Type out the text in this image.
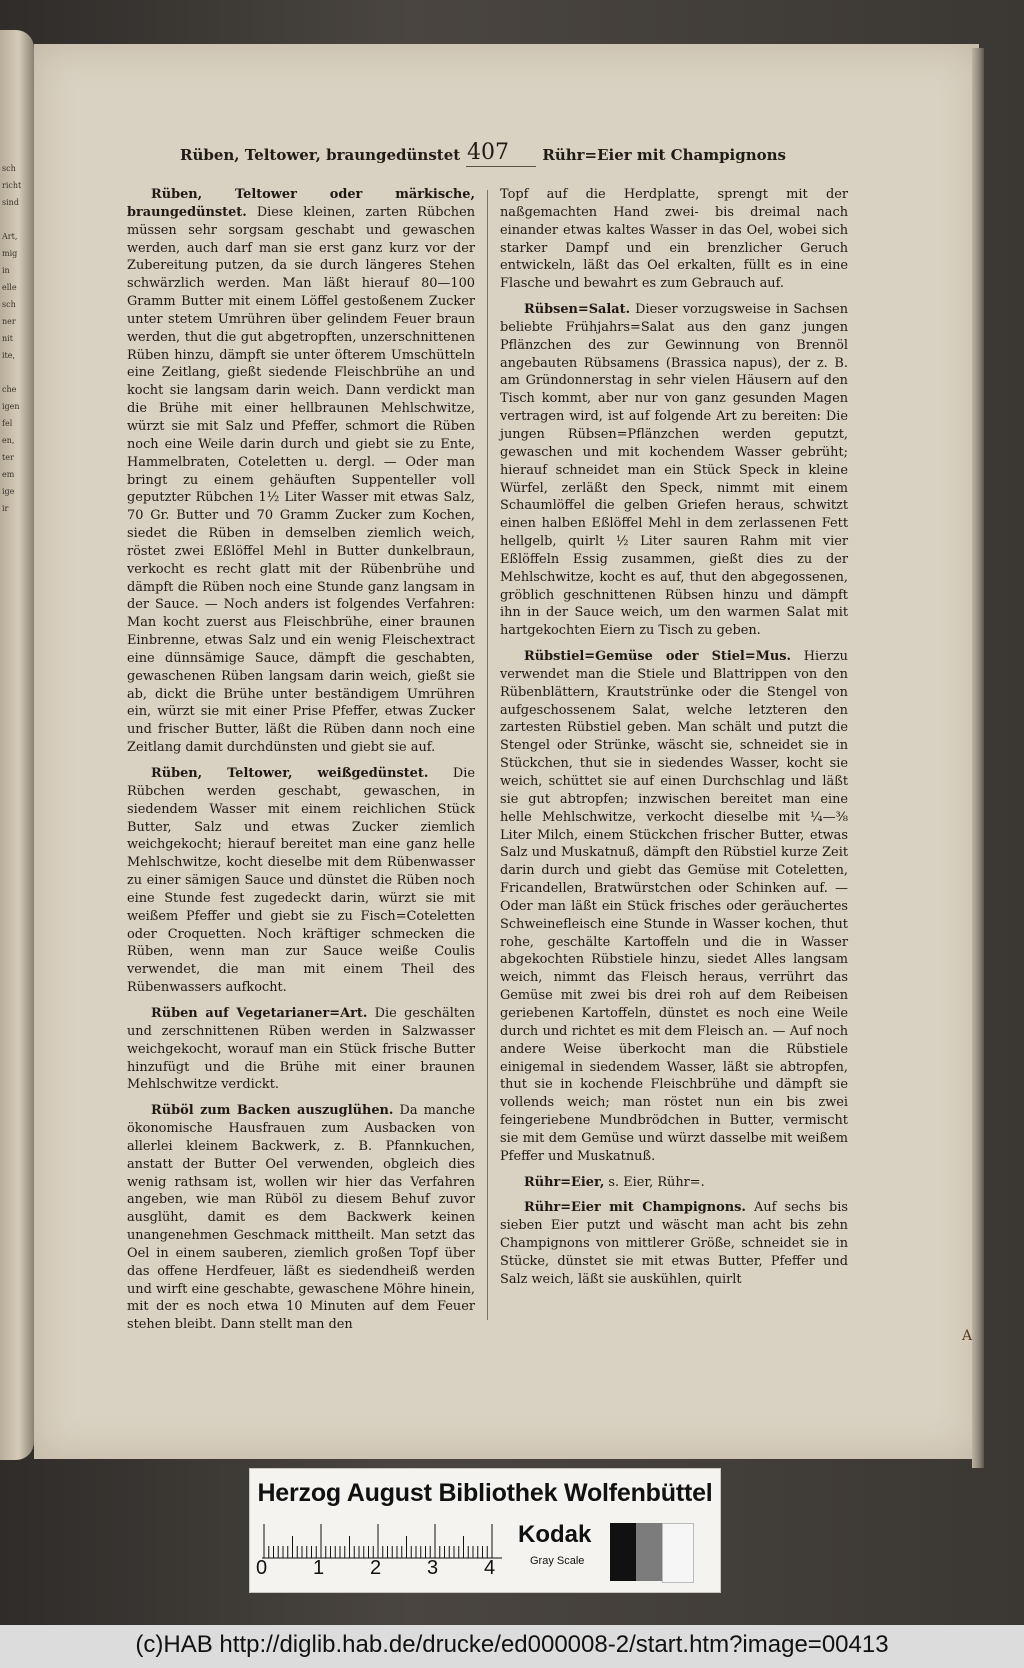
sch
richt
sind

Art,
mig
in
elle
sch
ner
nit
ite,

che
igen
fel
en,
ter
em
ige
ir
Rüben, Teltower, braungedünstet 407 Rühr=Eier mit Champignons

Rüben, Teltower oder märkische, braungedünstet. Diese kleinen, zarten Rübchen müssen sehr sorgsam geschabt und gewaschen werden, auch darf man sie erst ganz kurz vor der Zubereitung putzen, da sie durch längeres Stehen schwärzlich werden. Man läßt hierauf 80—100 Gramm Butter mit einem Löffel gestoßenem Zucker unter stetem Umrühren über gelindem Feuer braun werden, thut die gut abgetropften, unzerschnittenen Rüben hinzu, dämpft sie unter öfterem Umschütteln eine Zeitlang, gießt siedende Fleischbrühe an und kocht sie langsam darin weich. Dann verdickt man die Brühe mit einer hellbraunen Mehlschwitze, würzt sie mit Salz und Pfeffer, schmort die Rüben noch eine Weile darin durch und giebt sie zu Ente, Hammelbraten, Coteletten u. dergl. — Oder man bringt zu einem gehäuften Suppenteller voll geputzter Rübchen 1½ Liter Wasser mit etwas Salz, 70 Gr. Butter und 70 Gramm Zucker zum Kochen, siedet die Rüben in demselben ziemlich weich, röstet zwei Eßlöffel Mehl in Butter dunkelbraun, verkocht es recht glatt mit der Rübenbrühe und dämpft die Rüben noch eine Stunde ganz langsam in der Sauce. — Noch anders ist folgendes Verfahren: Man kocht zuerst aus Fleischbrühe, einer braunen Einbrenne, etwas Salz und ein wenig Fleischextract eine dünnsämige Sauce, dämpft die geschabten, gewaschenen Rüben langsam darin weich, gießt sie ab, dickt die Brühe unter beständigem Umrühren ein, würzt sie mit einer Prise Pfeffer, etwas Zucker und frischer Butter, läßt die Rüben dann noch eine Zeitlang damit durchdünsten und giebt sie auf.

Rüben, Teltower, weißgedünstet. Die Rübchen werden geschabt, gewaschen, in siedendem Wasser mit einem reichlichen Stück Butter, Salz und etwas Zucker ziemlich weichgekocht; hierauf bereitet man eine ganz helle Mehlschwitze, kocht dieselbe mit dem Rübenwasser zu einer sämigen Sauce und dünstet die Rüben noch eine Stunde fest zugedeckt darin, würzt sie mit weißem Pfeffer und giebt sie zu Fisch=Coteletten oder Croquetten. Noch kräftiger schmecken die Rüben, wenn man zur Sauce weiße Coulis verwendet, die man mit einem Theil des Rübenwassers aufkocht.

Rüben auf Vegetarianer=Art. Die geschälten und zerschnittenen Rüben werden in Salzwasser weichgekocht, worauf man ein Stück frische Butter hinzufügt und die Brühe mit einer braunen Mehlschwitze verdickt.

Rüböl zum Backen auszuglühen. Da manche ökonomische Hausfrauen zum Ausbacken von allerlei kleinem Backwerk, z. B. Pfannkuchen, anstatt der Butter Oel verwenden, obgleich dies wenig rathsam ist, wollen wir hier das Verfahren angeben, wie man Rüböl zu diesem Behuf zuvor ausglüht, damit es dem Backwerk keinen unangenehmen Geschmack mittheilt. Man setzt das Oel in einem sauberen, ziemlich großen Topf über das offene Herdfeuer, läßt es siedendheiß werden und wirft eine geschabte, gewaschene Möhre hinein, mit der es noch etwa 10 Minuten auf dem Feuer stehen bleibt. Dann stellt man den

Topf auf die Herdplatte, sprengt mit der naßgemachten Hand zwei- bis dreimal nach einander etwas kaltes Wasser in das Oel, wobei sich starker Dampf und ein brenzlicher Geruch entwickeln, läßt das Oel erkalten, füllt es in eine Flasche und bewahrt es zum Gebrauch auf.

Rübsen=Salat. Dieser vorzugsweise in Sachsen beliebte Frühjahrs=Salat aus den ganz jungen Pflänzchen des zur Gewinnung von Brennöl angebauten Rübsamens (Brassica napus), der z. B. am Gründonnerstag in sehr vielen Häusern auf den Tisch kommt, aber nur von ganz gesunden Magen vertragen wird, ist auf folgende Art zu bereiten: Die jungen Rübsen=Pflänzchen werden geputzt, gewaschen und mit kochendem Wasser gebrüht; hierauf schneidet man ein Stück Speck in kleine Würfel, zerläßt den Speck, nimmt mit einem Schaumlöffel die gelben Griefen heraus, schwitzt einen halben Eßlöffel Mehl in dem zerlassenen Fett hellgelb, quirlt ½ Liter sauren Rahm mit vier Eßlöffeln Essig zusammen, gießt dies zu der Mehlschwitze, kocht es auf, thut den abgegossenen, gröblich geschnittenen Rübsen hinzu und dämpft ihn in der Sauce weich, um den warmen Salat mit hartgekochten Eiern zu Tisch zu geben.

Rübstiel=Gemüse oder Stiel=Mus. Hierzu verwendet man die Stiele und Blattrippen von den Rübenblättern, Krautstrünke oder die Stengel von aufgeschossenem Salat, welche letzteren den zartesten Rübstiel geben. Man schält und putzt die Stengel oder Strünke, wäscht sie, schneidet sie in Stückchen, thut sie in siedendes Wasser, kocht sie weich, schüttet sie auf einen Durchschlag und läßt sie gut abtropfen; inzwischen bereitet man eine helle Mehlschwitze, verkocht dieselbe mit ¼—⅜ Liter Milch, einem Stückchen frischer Butter, etwas Salz und Muskatnuß, dämpft den Rübstiel kurze Zeit darin durch und giebt das Gemüse mit Coteletten, Fricandellen, Bratwürstchen oder Schinken auf. — Oder man läßt ein Stück frisches oder geräuchertes Schweinefleisch eine Stunde in Wasser kochen, thut rohe, geschälte Kartoffeln und die in Wasser abgekochten Rübstiele hinzu, siedet Alles langsam weich, nimmt das Fleisch heraus, verrührt das Gemüse mit zwei bis drei roh auf dem Reibeisen geriebenen Kartoffeln, dünstet es noch eine Weile durch und richtet es mit dem Fleisch an. — Auf noch andere Weise überkocht man die Rübstiele einigemal in siedendem Wasser, läßt sie abtropfen, thut sie in kochende Fleischbrühe und dämpft sie vollends weich; man röstet nun ein bis zwei feingeriebene Mundbrödchen in Butter, vermischt sie mit dem Gemüse und würzt dasselbe mit weißem Pfeffer und Muskatnuß.

Rühr=Eier, s. Eier, Rühr=.

Rühr=Eier mit Champignons. Auf sechs bis sieben Eier putzt und wäscht man acht bis zehn Champignons von mittlerer Größe, schneidet sie in Stücke, dünstet sie mit etwas Butter, Pfeffer und Salz weich, läßt sie auskühlen, quirlt

A
Herzog August Bibliothek Wolfenbüttel
0 1 2 3 4
Kodak
Gray Scale
(c)HAB http://diglib.hab.de/drucke/ed000008-2/start.htm?image=00413
